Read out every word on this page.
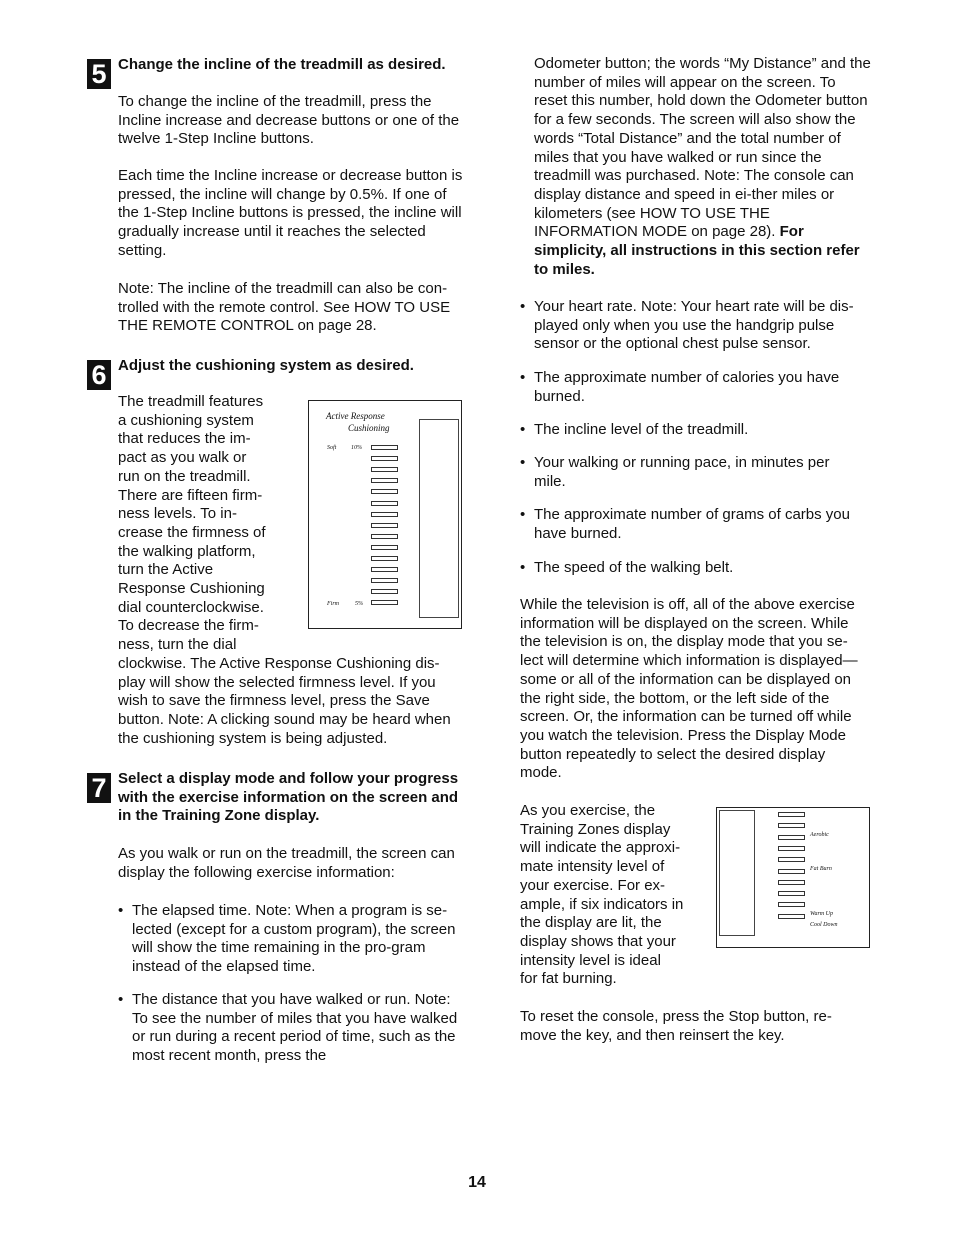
5 Change the incline of the treadmill as desired.

To change the incline of the treadmill, press the Incline increase and decrease buttons or one of the twelve 1-Step Incline buttons.

Each time the Incline increase or decrease button is pressed, the incline will change by 0.5%. If one of the 1-Step Incline buttons is pressed, the incline will gradually increase until it reaches the selected setting.

Note: The incline of the treadmill can also be con-trolled with the remote control. See HOW TO USE THE REMOTE CONTROL on page 28.

6 Adjust the cushioning system as desired.

The treadmill features
a cushioning system
that reduces the im-
pact as you walk or
run on the treadmill.
There are fifteen firm-
ness levels. To in-
crease the firmness of
the walking platform,
turn the Active
Response Cushioning
dial counterclockwise.
To decrease the firm-
ness, turn the dial

clockwise. The Active Response Cushioning dis-play will show the selected firmness level. If you wish to save the firmness level, press the Save button. Note: A clicking sound may be heard when the cushioning system is being adjusted.

Active Response
Cushioning
Soft 10%
Firm	5%
7 Select a display mode and follow your progress with the exercise information on the screen and in the Training Zone display.

As you walk or run on the treadmill, the screen can display the following exercise information:

• The elapsed time. Note: When a program is se-lected (except for a custom program), the screen will show the time remaining in the pro-gram instead of the elapsed time.

• The distance that you have walked or run. Note: To see the number of miles that you have walked or run during a recent period of time, such as the most recent month, press the

Odometer button; the words “My Distance” and the number of miles will appear on the screen. To reset this number, hold down the Odometer button for a few seconds. The screen will also show the words “Total Distance” and the total number of miles that you have walked or run since the treadmill was purchased. Note: The console can display distance and speed in ei-ther miles or kilometers (see HOW TO USE THE INFORMATION MODE on page 28). For simplicity, all instructions in this section refer to miles.

• Your heart rate. Note: Your heart rate will be dis-played only when you use the handgrip pulse sensor or the optional chest pulse sensor.

• The approximate number of calories you have burned.

• The incline level of the treadmill.

• Your walking or running pace, in minutes per mile.

• The approximate number of grams of carbs you have burned.

• The speed of the walking belt.

While the television is off, all of the above exercise information will be displayed on the screen. While the television is on, the display mode that you se-lect will determine which information is displayed—some or all of the information can be displayed on the right side, the bottom, or the left side of the screen. Or, the information can be turned off while you watch the television. Press the Display Mode button repeatedly to select the desired display mode.

As you exercise, the
Training Zones display
will indicate the approxi-
mate intensity level of
your exercise. For ex-
ample, if six indicators in
the display are lit, the
display shows that your
intensity level is ideal
for fat burning.
Aerobic
Fat Burn
Warm Up
Cool Down

To reset the console, press the Stop button, re-move the key, and then reinsert the key.

14
